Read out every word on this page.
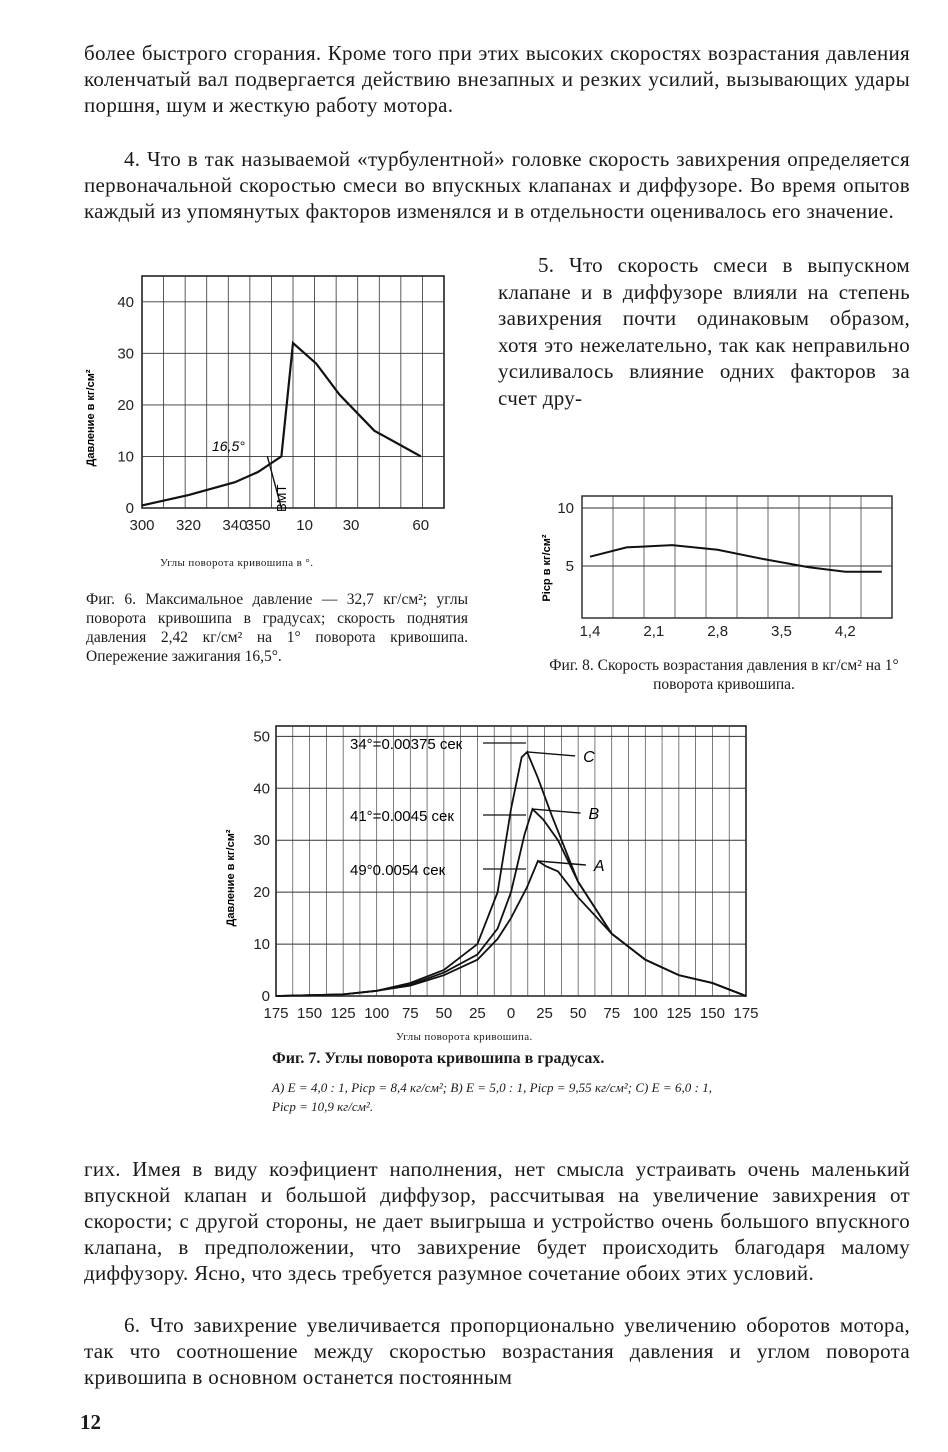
более быстрого сгорания. Кроме того при этих высоких скоростях возрастания давления коленчатый вал подвергается действию внезапных и резких усилий, вызывающих удары поршня, шум и жесткую работу мотора.

4. Что в так называемой «турбулентной» головке скорость завихрения определяется первоначальной скоростью смеси во впускных клапанах и диффузоре. Во время опытов каждый из упомянутых факторов изменялся и в отдельности оценивалось его значение.

0
10
20
30
40
300 320 340
350 10 30	60
Давление в кг/см²	16,5°
ВМТ

Углы поворота кривошипа в °.

Фиг. 6. Максимальное давление — 32,7 кг/см²; углы поворота кривошипа в градусах; скорость поднятия давления 2,42 кг/см² на 1° поворота кривошипа. Опережение зажигания 16,5°.

5. Что скорость смеси в выпускном клапане и в диффузоре влияли на степень завихрения почти одинаковым образом, хотя это нежелательно, так как неправильно усиливалось влияние одних факторов за счет дру-

5
10
1,4	2,1	2,8	3,5	4,2
Piср в кг/см²

Фиг. 8. Скорость возрастания давления в кг/см² на 1° поворота кривошипа.

0
10
20
30
40
50
175 150 125 100 75 50 25 0 25 50 75 100 125 150 175
C
B
A
Давление в кг/см²
34°=0.00375 сек
41°=0.0045 сек
49°0.0054 сек

Углы поворота кривошипа.

Фиг. 7. Углы поворота кривошипа в градусах.

A) E = 4,0 : 1, Piср = 8,4 кг/см²; B) E = 5,0 : 1, Piср = 9,55 кг/см²; C) E = 6,0 : 1, Piср = 10,9 кг/см².

гих. Имея в виду коэфициент наполнения, нет смысла устраивать очень маленький впускной клапан и большой диффузор, рассчитывая на увеличение завихрения от скорости; с другой стороны, не дает выигрыша и устройство очень большого впускного клапана, в предположении, что завихрение будет происходить благодаря малому диффузору. Ясно, что здесь требуется разумное сочетание обоих этих условий.

6. Что завихрение увеличивается пропорционально увеличению оборотов мотора, так что соотношение между скоростью возрастания давления и углом поворота кривошипа в основном останется постоянным

12
